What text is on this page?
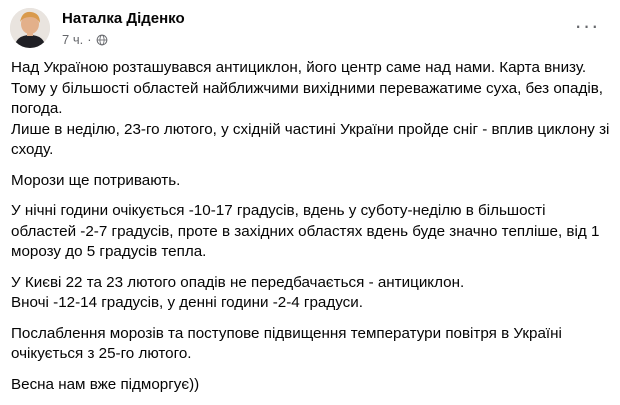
Наталка Діденко
7 ч. ·
···

Над Україною розташувався антициклон, його центр саме над нами. Карта внизу.
Тому у більшості областей найближчими вихідними переважатиме суха, без опадів, погода.
Лише в неділю, 23-го лютого, у східній частині України пройде сніг - вплив циклону зі сходу.

Морози ще потривають.

У нічні години очікується -10-17 градусів, вдень у суботу-неділю в більшості областей -2-7 градусів, проте в західних областях вдень буде значно тепліше, від 1 морозу до 5 градусів тепла.

У Києві 22 та 23 лютого опадів не передбачається - антициклон.
Вночі -12-14 градусів, у денні години -2-4 градуси.

Послаблення морозів та поступове підвищення температури повітря в Україні очікується з 25-го лютого.

Весна нам вже підморгує))
